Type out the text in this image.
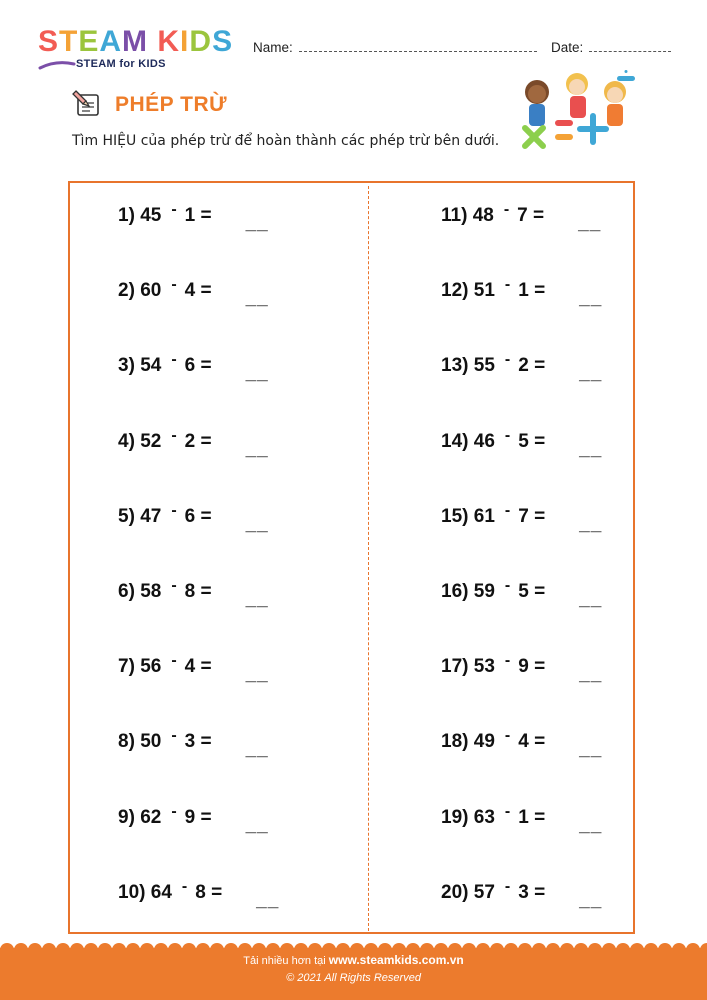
STEAM KIDS
STEAM for KIDS
Name:	Date:
PHÉP TRỪ
Tìm HIỆU của phép trừ để hoàn thành các phép trừ bên dưới.
1) 45 - 1 = __
2) 60 - 4 = __
3) 54 - 6 = __
4) 52 - 2 = __
5) 47 - 6 = __
6) 58 - 8 = __
7) 56 - 4 = __
8) 50 - 3 = __
9) 62 - 9 = __
10) 64 - 8 = __
11) 48 - 7 = __
12) 51 - 1 = __
13) 55 - 2 = __
14) 46 - 5 = __
15) 61 - 7 = __
16) 59 - 5 = __
17) 53 - 9 = __
18) 49 - 4 = __
19) 63 - 1 = __
20) 57 - 3 = __
Tải nhiều hơn tại www.steamkids.com.vn
© 2021 All Rights Reserved
